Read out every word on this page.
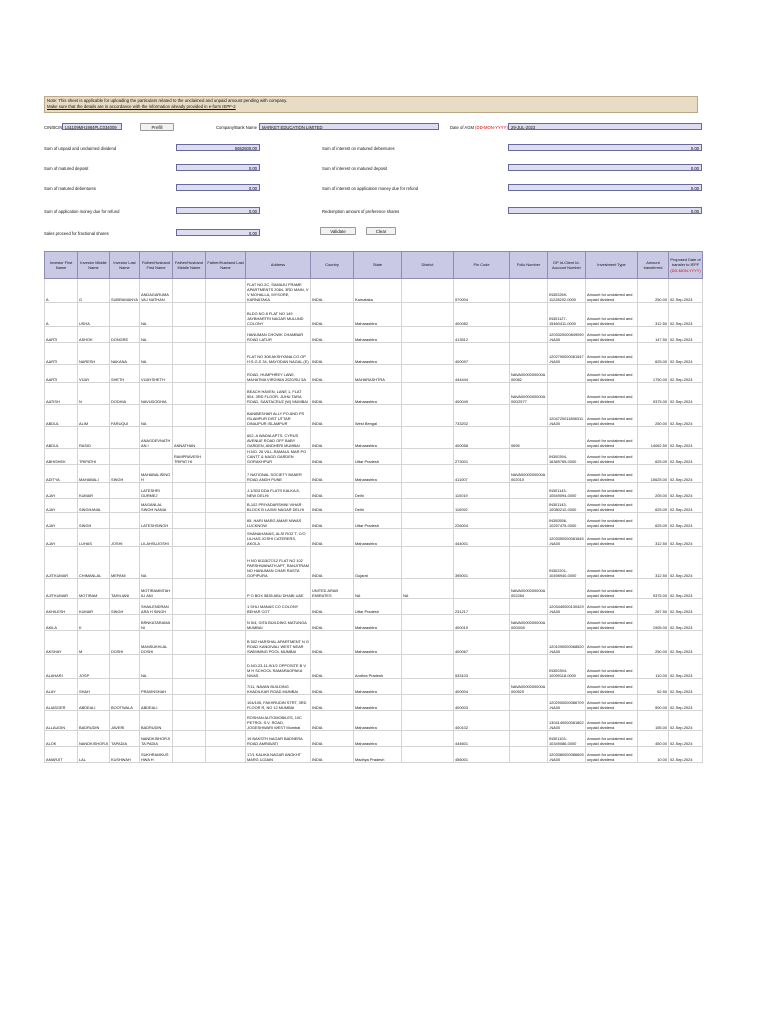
Note: This sheet is applicable for uploading the particulars related to the unclaimed and unpaid amount pending with company.
Make sure that the details are in accordance with the information already provided in e-form IEPF-2
CIN/BCIN L51109MH1984PLC034009	Prefill	Company/Bank Name	MARKET EDUCATION LIMITED	Date of AGM (DD-MON-YYYY) 29-JUL-2023
Sum of unpaid and unclaimed dividend	5652600.00	Sum of interest on matured debentures	0.00
Sum of matured deposit	0.00	Sum of interest on matured deposit	0.00
Sum of matured debentures	0.00	Sum of interest on application money due for refund	0.00
Sum of application money due for refund	0.00	Redemption amount of preference shares	0.00
Sales proceed for fractional shares	0.00	Validate	Clear
Investor First Name	Investor Middle Name	Investor Last Name	Father/Husband First Name	Father/Husband Middle Name	Father/Husband Last Name	Address	Country	State	District	Pin Code	Folio Number	DP Id-Client Id-Account Number	Investment Type	Amount transferred	Proposed Date of transfer to IEPF
(DD-MON-YYYY)
A	G	SUBRAMANYA	ANDAGARUMAVAJ NATHAN			FLAT NO.2C, SAMAJU FRAME APARTMENTS 2084, 3RD MAIN, V V MOHALLA, MYSORE, KARNATAKA	INDIA	Karnataka		570004		IN302269-11228202-0000	Amount for unclaimed and unpaid dividend	250.00	02-Sep-2024
A	USHA		NA			BLDG NO 8 FLAT NO 149 JAYBHARTRI NAGAR MULUND COLONY	INDIA	Maharashtra		400082		IN301127-15460411-0000	Amount for unclaimed and unpaid dividend	312.50	02-Sep-2024
AARTI	ASHOK	DONGRE	NA			HANUMAN CHOWK CHAMBAR ROAD LATUR	INDIA	Maharashtra		413512		1203320000849090-NA00	Amount for unclaimed and unpaid dividend	147.50	02-Sep-2024
AARTI	NARESH	NAKANA	NA			FLAT NO 308 AKSHYANA CO OP H.S.G.S 34, MAYODAN NAGAL (E)	INDIA	Maharashtra		400097		1202790000081547-NA00	Amount for unclaimed and unpaid dividend	625.00	02-Sep-2024
AARTI	VIJAY	SHETH	VIJAYSHETH			ROAD, HUMPHREY LANE, MAHATMA VIRGINIA 2020/SU 5A	INDIA	MAHARASHTRA		444444	NAVA0000000000A00082		Amount for unclaimed and unpaid dividend	1750.00	02-Sep-2024
AATISH	N	DODHIA	NAVUDODHIA			BEACH HAVEN, LANE 1, FLAT 504, 3RD FLOOR, JUHU TARA ROAD, SANTACRUZ (W) MUMBAI	INDIA	Maharashtra		400049	NAVA0000000000A00D2577		Amount for unclaimed and unpaid dividend	9375.00	02-Sep-2024
ABDUL	ALIM	FARUQUI	NA			BANIBESHAR ALLY PO AND PS ISLAMPUR DIST UTTAR DINAJPUR ISLAMPUR	INDIA	West Bengal		733202		1204720011898311-NA00	Amount for unclaimed and unpaid dividend	250.00	02-Sep-2024
ABDUL	RASID		ANAGDEVNATHAN I	ANNATHAN		602, A WADIA APTS, CYRUS AVENUE ROAD OFF BABY GARDEN, ANDHERI MUMBAI	INDIA	Maharashtra		400058	0695		Amount for unclaimed and unpaid dividend	14062.50	02-Sep-2024
ABHISHEK	TRIPATHI			RAMPRAVESH TRIPAT HI		H.NO. 26 VILL-RAMAUL MAR PO CANTT & NAGD GARDEN GORAKHPUR	INDIA	Uttar Pradesh		273001		IN300394-16389765-0000	Amount for unclaimed and unpaid dividend	625.00	02-Sep-2024
ADITYA	MAHABALI	SINGH	MAHABALISINGH			7 NATIONAL SOCIETY BANER ROAD ANDH PUNE	INDIA	Maharashtra		411007	NAVA0000000000A002010		Amount for unclaimed and unpaid dividend	15625.00	02-Sep-2024
AJAY	KUMAR		LATESHRI GURMEJ			J-1/303 DDA FLATS KALKAJI, NEW DELHI	INDIA	Delhi		110019		IN301143-10549094-0000	Amount for unclaimed and unpaid dividend	205.00	02-Sep-2024
AJAY	SINGHANIA		MAGANLAL SINGH NANIA			B-102 PRIYADARSHINI VIHAR BLOCK B LAXMI NAGAR DELHI	INDIA	Delhi		110092		IN301143-10080212-0000	Amount for unclaimed and unpaid dividend	625.00	02-Sep-2024
AJAY	SINGH		LATESHSINGH			65, HARI MARG AMAR NIWAS LUCKNOW	INDIA	Uttar Pradesh		226004		IN300556-10257475-0000	Amount for unclaimed and unpaid dividend	625.00	02-Sep-2024
AJAY	LUHAS	JOSHI	LILAHSUJOSHI			SHANAHANAS, ALSI ROZ T, C/O LILHAS JOSHI CATERERS, AKOLA	INDIA	Maharashtra		444001		1203350000081645-NA00	Amount for unclaimed and unpaid dividend	312.50	02-Sep-2024
AJITKUMAR	CHIMANLAL	MEPANI	NA			H NO 8/115/27/12 FLAT NO 102 PARSHWANATH APT, RANJITRAM NO HANUMAN CHAR RASTA GOPIPURA	INDIA	Gujarat		395001		IN302201-10498940-0000	Amount for unclaimed and unpaid dividend	312.50	02-Sep-2024
AJITKUMAR	MOTIRAM	TAHILIANI	MOTIRAMMTAHILI ANI			P O BOX 5835 ABU DHABI UAE	UNITED ARAB EMIRATES	NA	NA		NAVA0000000000A002284		Amount for unclaimed and unpaid dividend	9375.00	02-Sep-2024
AKHILESH	KUMAR	SINGH	SHAILENDRANARA H SINGH			1 SHLI MANAS CO COLONY BEHAR COT	INDIA	Uttar Pradesh		231217		1203440000130429-NA00	Amount for unclaimed and unpaid dividend	267.50	02-Sep-2024
AKILA	K		BRNKATARAMANI			N 5/4, GITA BUILDING MATUNGA MUMBAI	INDIA	Maharashtra		400019	NAVA0000000000A00D008		Amount for unclaimed and unpaid dividend	1905.00	02-Sep-2024
AKSHAY	M	DOSHI	MANSUKHLAL DOSHI			B 502 HARSHAL APARTMENT N G ROAD KANDIVALI WEST NEAR SWIMMING POOL MUMBAI	INDIA	Maharashtra		400067		1201090000068520-NA00	Amount for unclaimed and unpaid dividend	250.00	02-Sep-2024
ALAHARI	JOSP		NA			D.NO-23-11-9/1/2 OPPOSITE B V M H SCHOOL RAMARAOPAKA NIVAS	INDIA	Andhra Pradesh		533103		IN300394-10099118-0000	Amount for unclaimed and unpaid dividend	110.00	02-Sep-2024
ALAY	SHAH		PRAVINSHAH			7/11, NAVAN BUILDING KHADILKAR ROAD MUMBAI	INDIA	Maharashtra		400004	NAVA0000000000A000520		Amount for unclaimed and unpaid dividend	62.50	02-Sep-2024
ALIASGER	ABDEALI	BOOTWALA	ABDEALI			104/105, FAKHRUDIN STRT, 3RD FLOOR R, NO 12 MUMBAI	INDIA	Maharashtra		400003		1202900000086709-NA00	Amount for unclaimed and unpaid dividend	500.00	02-Sep-2024
ALLAUDIN	BADRUDIN	JAVERI	BADRUDIN			ROSHAN AUTOMOBILES, 10C PETROL S.V. ROAD, JOGESHWARI WEST Mumbai	INDIA	Maharashtra		400102		1304140000081802-NA00	Amount for unclaimed and unpaid dividend	155.00	02-Sep-2024
ALOK	NANDKISHORJI	TAPADIA	NANDKISHORJITA PADIA			19 BAKSTH NAGAR BADNERA ROAD AMRAVATI	INDIA	Maharashtra		444601		IN301103-10349086-0000	Amount for unclaimed and unpaid dividend	450.00	02-Sep-2024
AMARJIT	LAL	KUSHWAH	SUKHRAMKUSHWA H			17/1 KALIKA NAGAR ANOKHT MARG UJJAIN	INDIA	Madhya Pradesh		456001		1203380000086605-NA00	Amount for unclaimed and unpaid dividend	10.00	02-Sep-2024
